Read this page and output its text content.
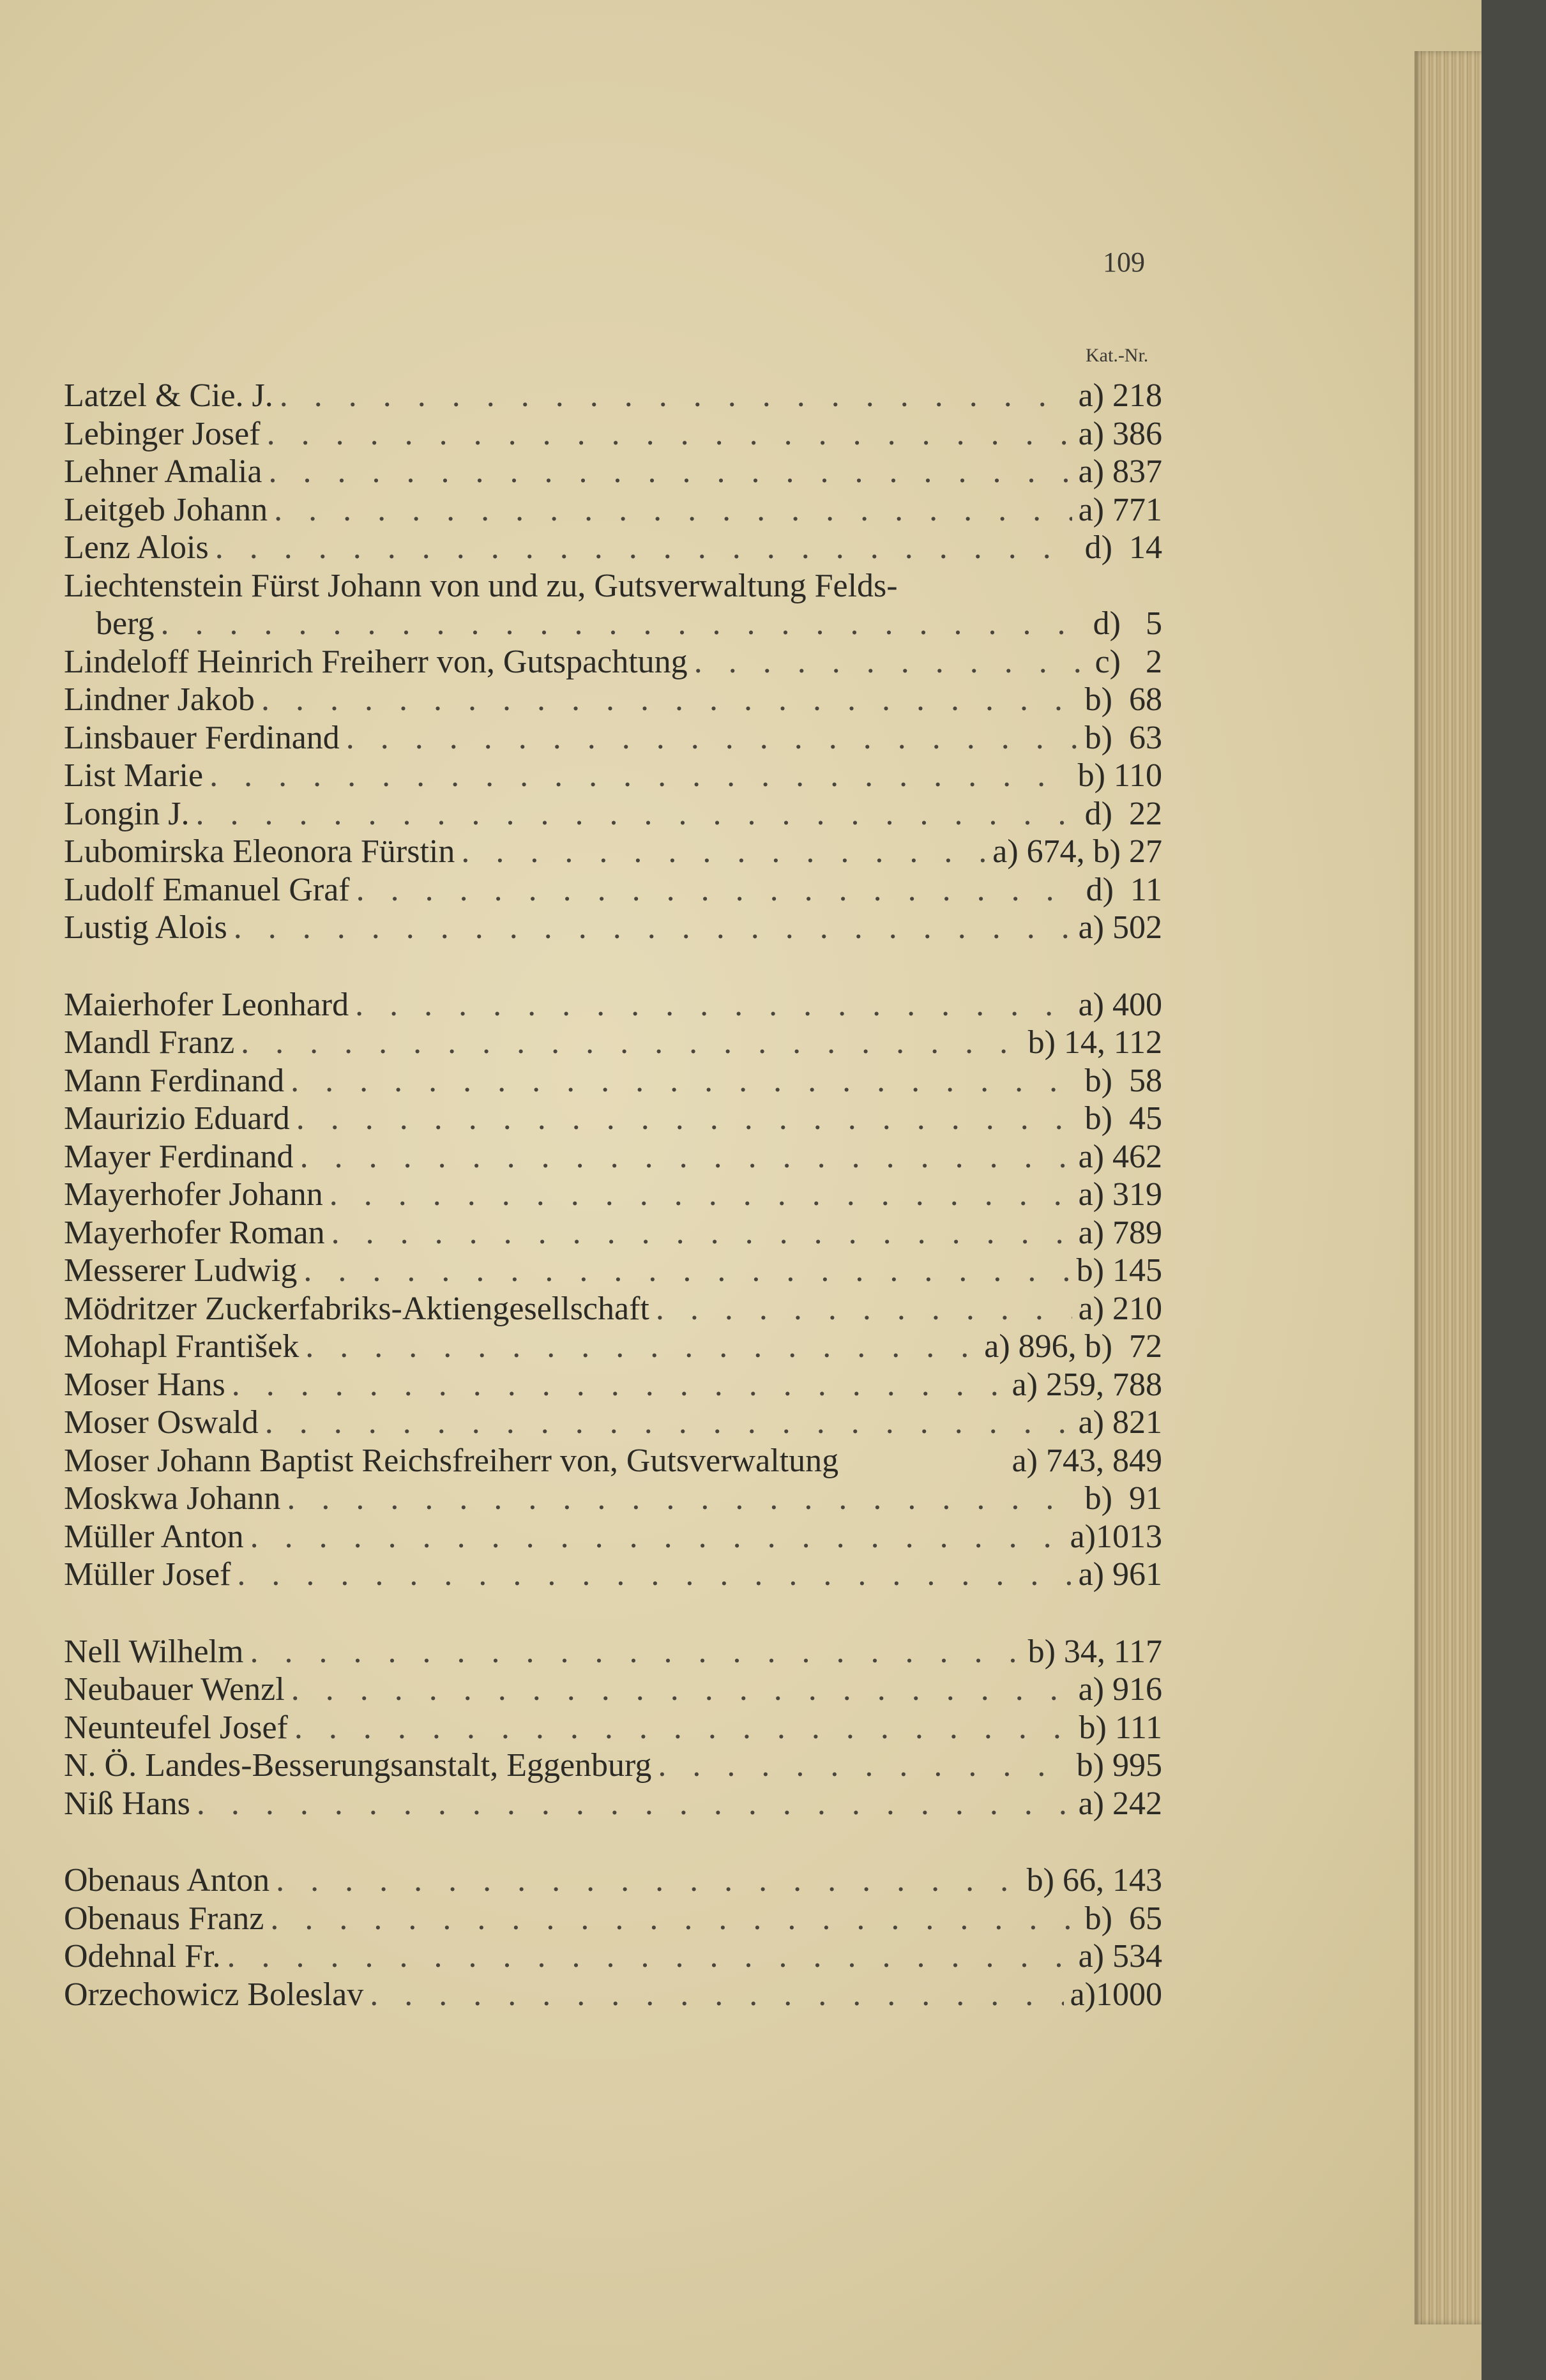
109
Kat.-Nr.
Latzel & Cie. J. . . .	a) 218
Lebinger Josef . . .	a) 386
Lehner Amalia . . .	a) 837
Leitgeb Johann . . .	a) 771
Lenz Alois . . .	d)  14
Liechtenstein Fürst Johann von und zu, Gutsverwaltung Felds-
berg . . .	d)   5
Lindeloff Heinrich Freiherr von, Gutspachtung . . .	c)   2
Lindner Jakob . . .	b)  68
Linsbauer Ferdinand . . .	b)  63
List Marie . . .	b) 110
Longin J. . . .	d)  22
Lubomirska Eleonora Fürstin . . .	a) 674, b) 27
Ludolf Emanuel Graf . . .	d)  11
Lustig Alois . . .	a) 502
Maierhofer Leonhard . . .	a) 400
Mandl Franz . . .	b) 14, 112
Mann Ferdinand . . .	b)  58
Maurizio Eduard . . .	b)  45
Mayer Ferdinand . . .	a) 462
Mayerhofer Johann . . .	a) 319
Mayerhofer Roman . . .	a) 789
Messerer Ludwig . . .	b) 145
Mödritzer Zuckerfabriks-Aktiengesellschaft . . .	a) 210
Mohapl František . . .	a) 896, b)  72
Moser Hans . . .	a) 259, 788
Moser Oswald . . .	a) 821
Moser Johann Baptist Reichsfreiherr von, Gutsverwaltung	a) 743, 849
Moskwa Johann . . .	b)  91
Müller Anton . . .	a)1013
Müller Josef . . .	a) 961
Nell Wilhelm . . .	b) 34, 117
Neubauer Wenzl . . .	a) 916
Neunteufel Josef . . .	b) 111
N. Ö. Landes-Besserungsanstalt, Eggenburg . . .	b) 995
Niß Hans . . .	a) 242
Obenaus Anton . . .	b) 66, 143
Obenaus Franz . . .	b)  65
Odehnal Fr. . . .	a) 534
Orzechowicz Boleslav . . .	a)1000
